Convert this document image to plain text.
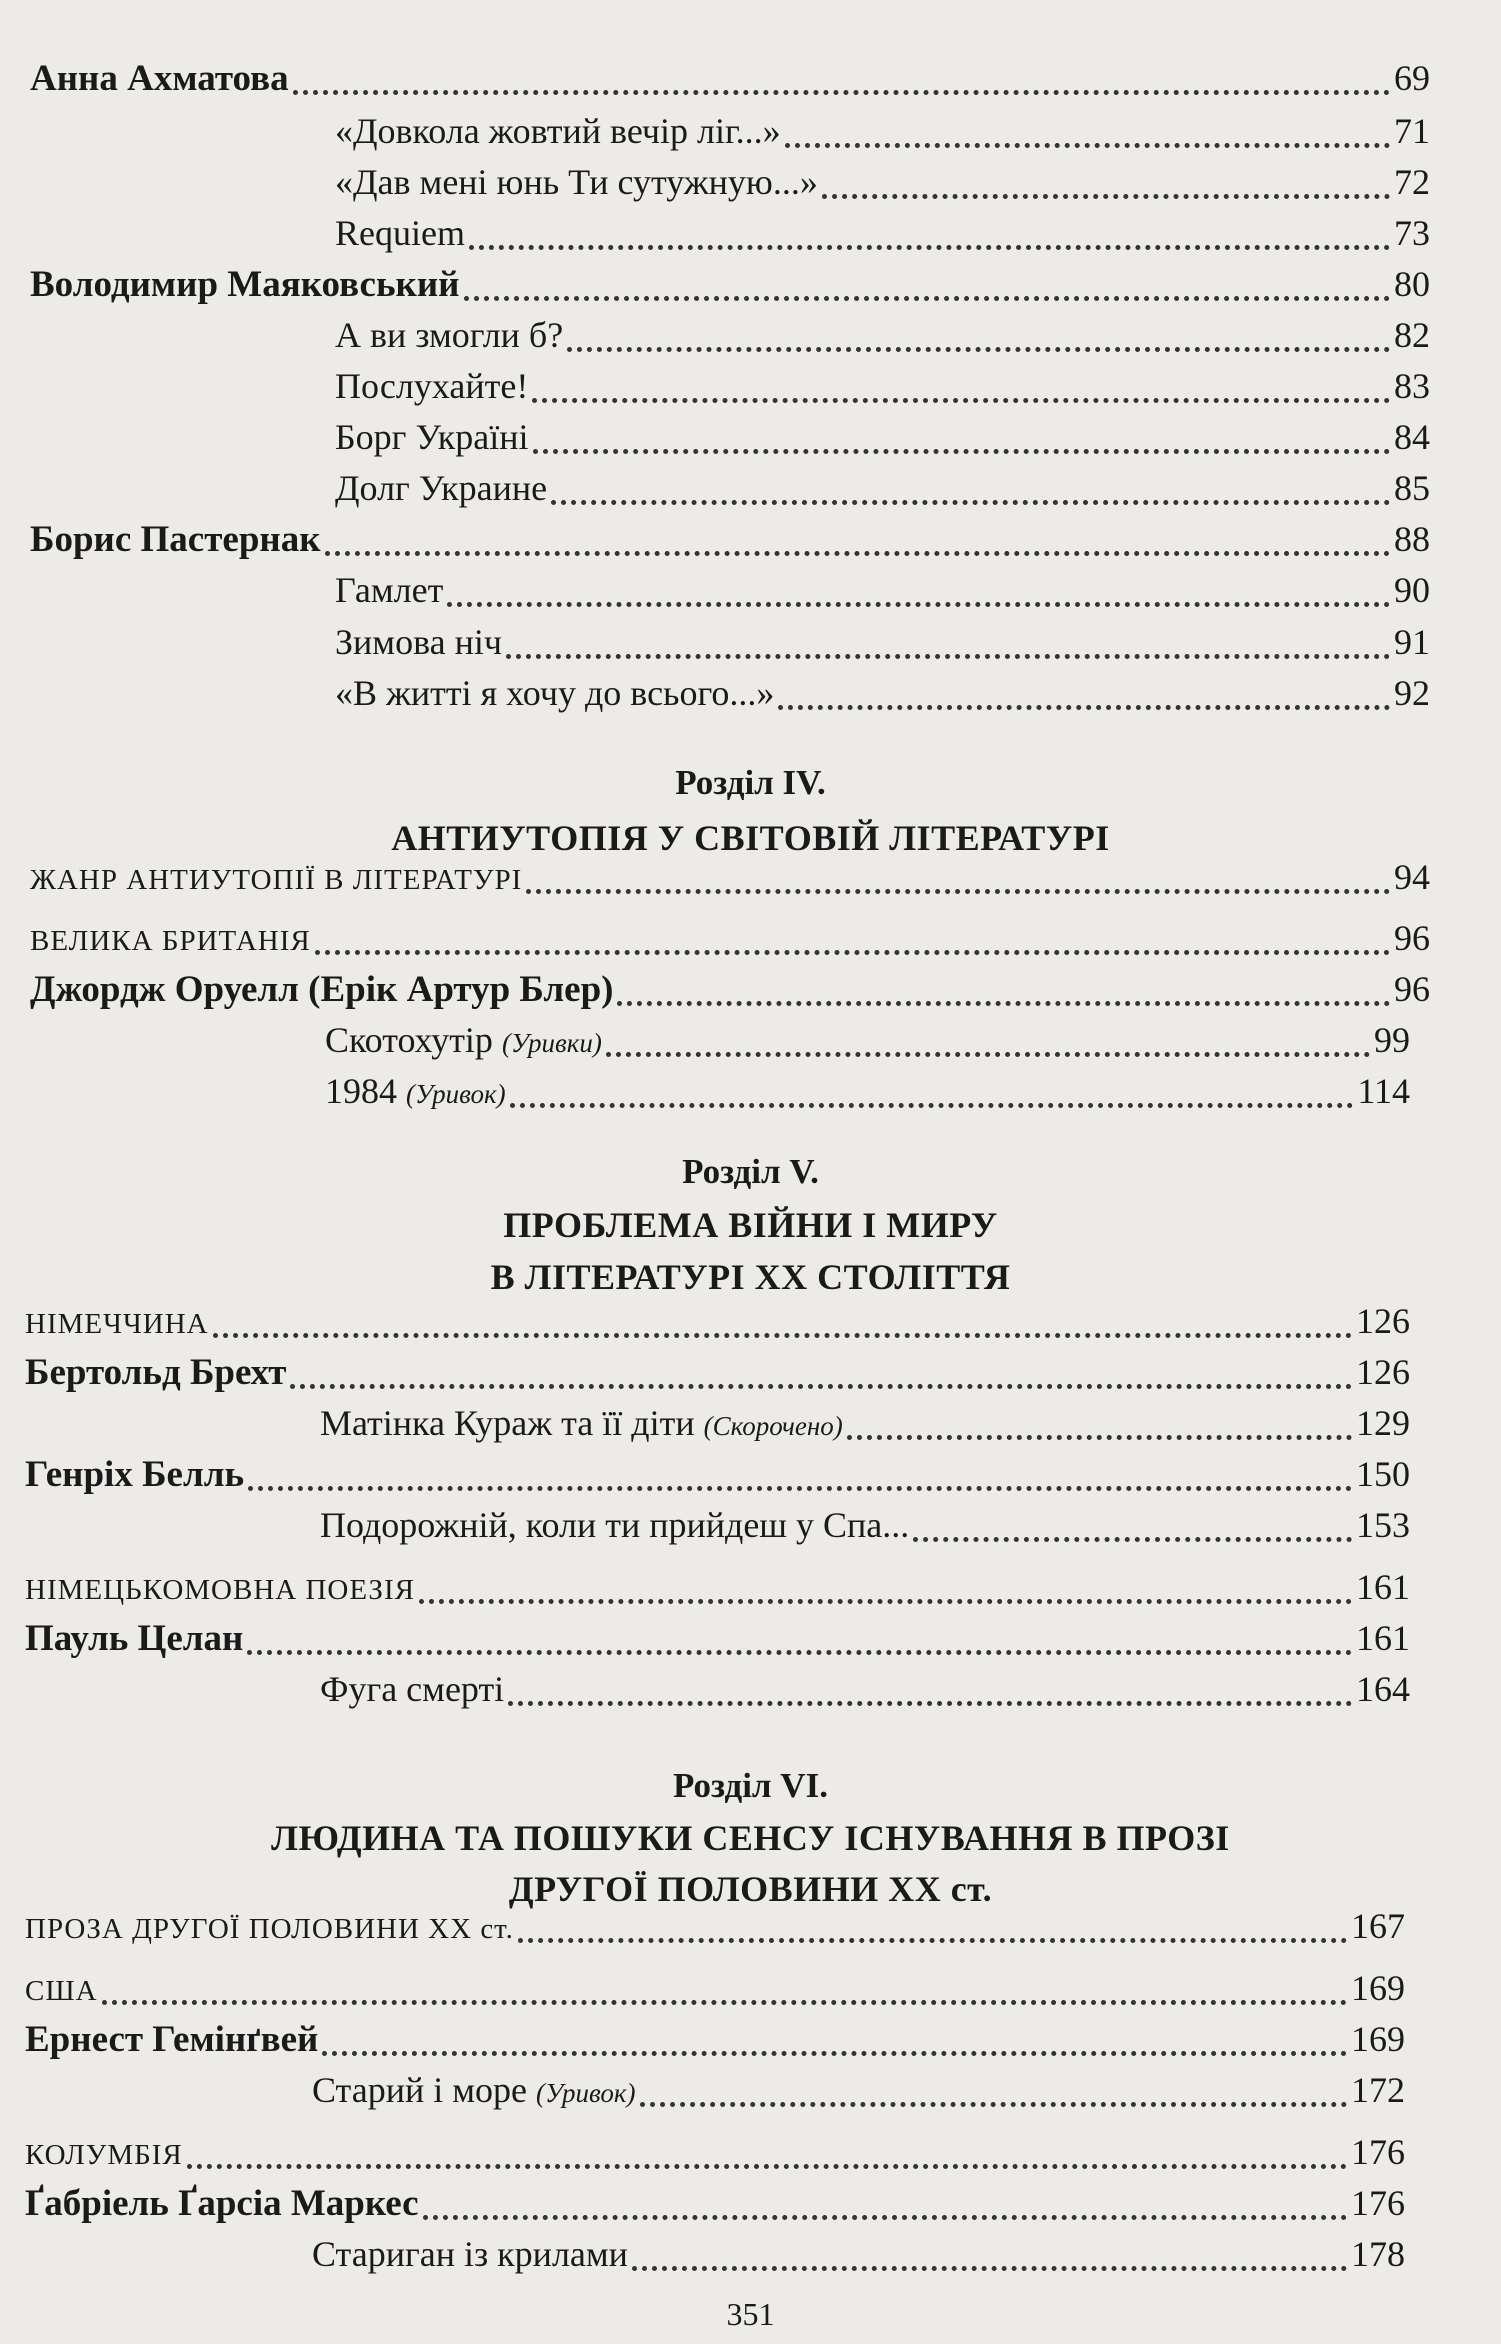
Анна Ахматова	69
«Довкола жовтий вечір ліг...»	71
«Дав мені юнь Ти сутужную...»	72
Requiem	73
Володимир Маяковський	80
А ви змогли б?	82
Послухайте!	83
Борг Україні	84
Долг Украине	85
Борис Пастернак	88
Гамлет	90
Зимова ніч	91
«В житті я хочу до всього...»	92
Розділ IV.
АНТИУТОПІЯ У СВІТОВІЙ ЛІТЕРАТУРІ
ЖАНР АНТИУТОПІЇ В ЛІТЕРАТУРІ	94
ВЕЛИКА БРИТАНІЯ	96
Джордж Оруелл (Ерік Артур Блер)	96
Скотохутір (Уривки)	99
1984 (Уривок)	114
Розділ V.
ПРОБЛЕМА ВІЙНИ І МИРУ
В ЛІТЕРАТУРІ XX СТОЛІТТЯ
НІМЕЧЧИНА	126
Бертольд Брехт	126
Матінка Кураж та її діти (Скорочено)	129
Генріх Белль	150
Подорожній, коли ти прийдеш у Спа...	153
НІМЕЦЬКОМОВНА ПОЕЗІЯ	161
Пауль Целан	161
Фуга смерті	164
Розділ VI.
ЛЮДИНА ТА ПОШУКИ СЕНСУ ІСНУВАННЯ В ПРОЗІ
ДРУГОЇ ПОЛОВИНИ XX ст.
ПРОЗА ДРУГОЇ ПОЛОВИНИ XX ст.	167
США	169
Ернест Гемінґвей	169
Старий і море (Уривок)	172
КОЛУМБІЯ	176
Ґабріель Ґарсіа Маркес	176
Стариган із крилами	178
351
